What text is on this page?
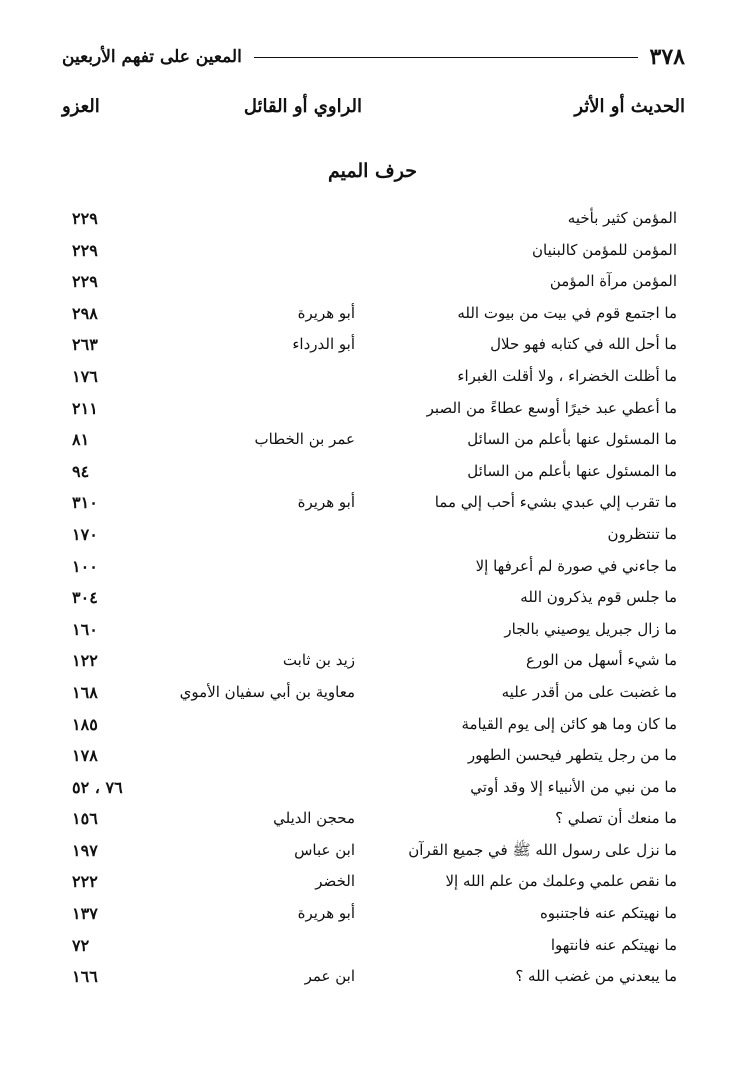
٣٧٨
المعين على تفهم الأربعين
الحديث أو الأثر
الراوي أو القائل
العزو
حرف الميم
المؤمن كثير بأخيه
٢٢٩
المؤمن للمؤمن كالبنيان
٢٢٩
المؤمن مرآة المؤمن
٢٢٩
ما اجتمع قوم في بيت من بيوت الله
أبو هريرة
٢٩٨
ما أحل الله في كتابه فهو حلال
أبو الدرداء
٢٦٣
ما أظلت الخضراء ، ولا أقلت الغبراء
١٧٦
ما أعطي عبد خيرًا أوسع عطاءً من الصبر
٢١١
ما المسئول عنها بأعلم من السائل
عمر بن الخطاب
٨١
ما المسئول عنها بأعلم من السائل
٩٤
ما تقرب إلي عبدي بشيء أحب إلي مما
أبو هريرة
٣١٠
ما تنتظرون
١٧٠
ما جاءني في صورة لم أعرفها إلا
١٠٠
ما جلس قوم يذكرون الله
٣٠٤
ما زال جبريل يوصيني بالجار
١٦٠
ما شيء أسهل من الورع
زيد بن ثابت
١٢٢
ما غضبت على من أقدر عليه
معاوية بن أبي سفيان الأموي
١٦٨
ما كان وما هو كائن إلى يوم القيامة
١٨٥
ما من رجل يتطهر فيحسن الطهور
١٧٨
ما من نبي من الأنبياء إلا وقد أوتي
٧٦ ، ٥٢
ما منعك أن تصلي ؟
محجن الديلي
١٥٦
ما نزل على رسول الله ﷺ في جميع القرآن
ابن عباس
١٩٧
ما نقص علمي وعلمك من علم الله إلا
الخضر
٢٢٢
ما نهيتكم عنه فاجتنبوه
أبو هريرة
١٣٧
ما نهيتكم عنه فانتهوا
٧٢
ما يبعدني من غضب الله ؟
ابن عمر
١٦٦
